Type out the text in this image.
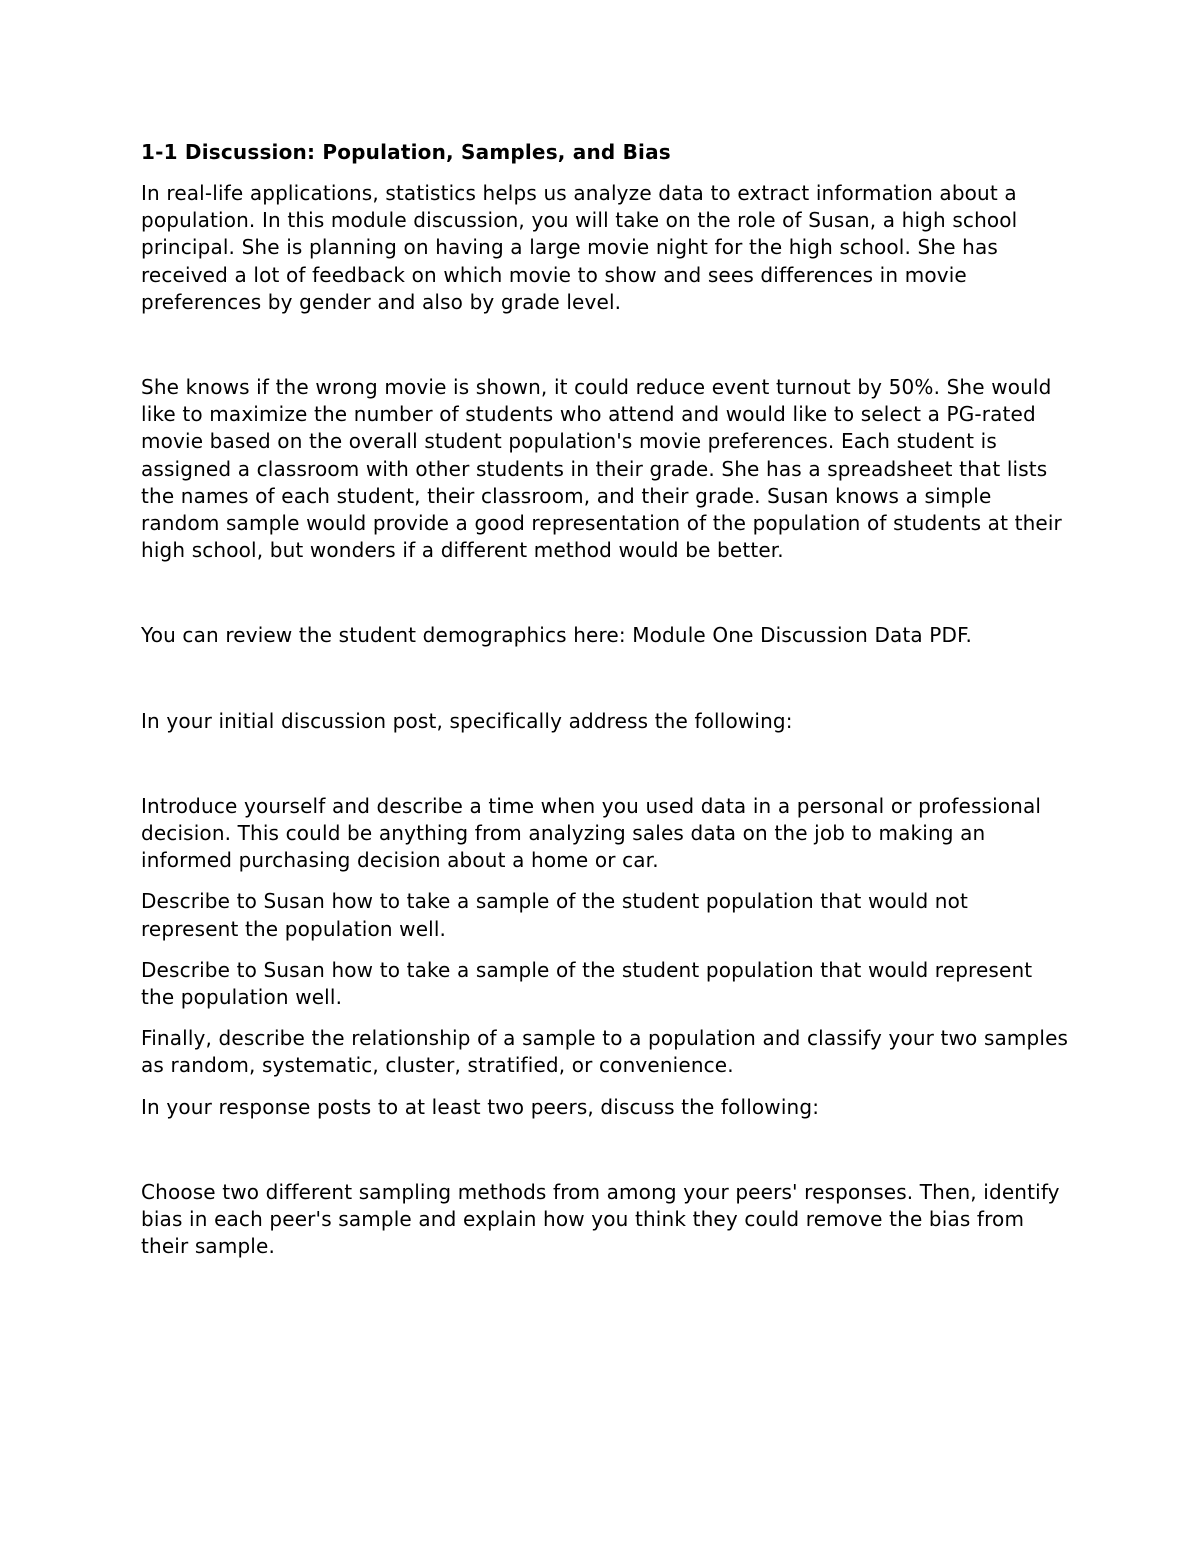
1-1 Discussion: Population, Samples, and Bias

In real-life applications, statistics helps us analyze data to extract information about a population. In this module discussion, you will take on the role of Susan, a high school principal. She is planning on having a large movie night for the high school. She has received a lot of feedback on which movie to show and sees differences in movie preferences by gender and also by grade level.

She knows if the wrong movie is shown, it could reduce event turnout by 50%. She would like to maximize the number of students who attend and would like to select a PG-rated movie based on the overall student population's movie preferences. Each student is assigned a classroom with other students in their grade. She has a spreadsheet that lists the names of each student, their classroom, and their grade. Susan knows a simple random sample would provide a good representation of the population of students at their high school, but wonders if a different method would be better.

You can review the student demographics here: Module One Discussion Data PDF.

In your initial discussion post, specifically address the following:

Introduce yourself and describe a time when you used data in a personal or professional decision. This could be anything from analyzing sales data on the job to making an informed purchasing decision about a home or car.

Describe to Susan how to take a sample of the student population that would not represent the population well.

Describe to Susan how to take a sample of the student population that would represent the population well.

Finally, describe the relationship of a sample to a population and classify your two samples as random, systematic, cluster, stratified, or convenience.

In your response posts to at least two peers, discuss the following:

Choose two different sampling methods from among your peers' responses. Then, identify bias in each peer's sample and explain how you think they could remove the bias from their sample.
